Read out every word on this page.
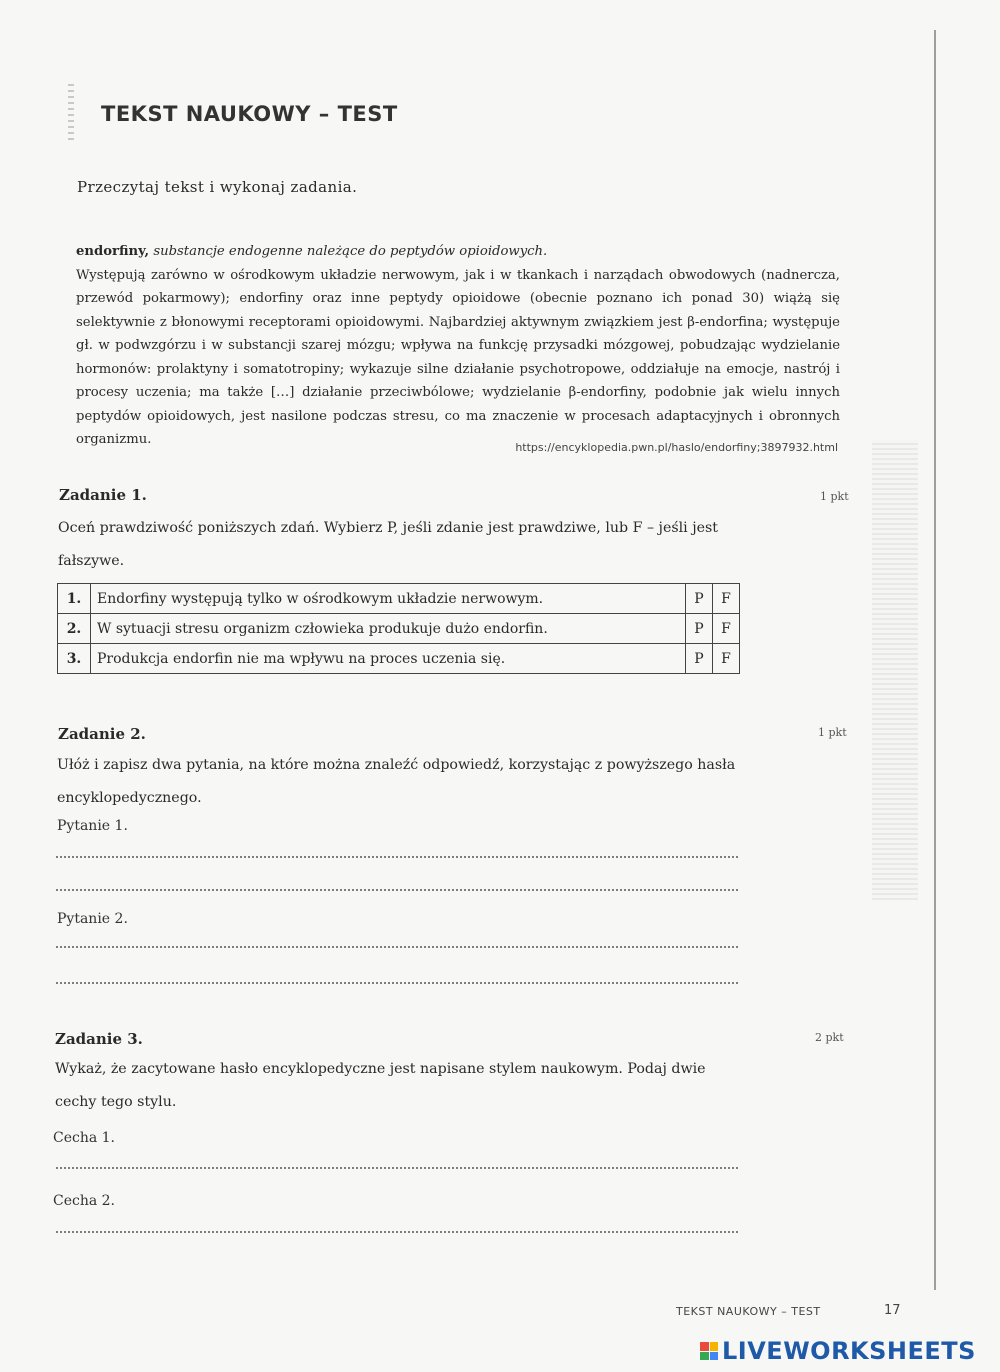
TEKST NAUKOWY – TEST
Przeczytaj tekst i wykonaj zadania.
endorfiny, substancje endogenne należące do peptydów opioidowych.

Występują zarówno w ośrodkowym układzie nerwowym, jak i w tkankach i narządach obwodowych (nadnercza, przewód pokarmowy); endorfiny oraz inne peptydy opioidowe (obecnie poznano ich ponad 30) wiążą się selektywnie z błonowymi receptorami opioidowymi. Najbardziej aktywnym związkiem jest β-endorfina; występuje gł. w podwzgórzu i w substancji szarej mózgu; wpływa na funkcję przysadki mózgowej, pobudzając wydzielanie hormonów: prolaktyny i somatotropiny; wykazuje silne działanie psychotropowe, oddziałuje na emocje, nastrój i procesy uczenia; ma także […] działanie przeciwbólowe; wydzielanie β-endorfiny, podobnie jak wielu innych peptydów opioidowych, jest nasilone podczas stresu, co ma znaczenie w procesach adaptacyjnych i obronnych organizmu.

https://encyklopedia.pwn.pl/haslo/endorfiny;3897932.html
Zadanie 1.	1 pkt
Oceń prawdziwość poniższych zdań. Wybierz P, jeśli zdanie jest prawdziwe, lub F – jeśli jest fałszywe.
1.	Endorfiny występują tylko w ośrodkowym układzie nerwowym.	P	F
2.	W sytuacji stresu organizm człowieka produkuje dużo endorfin.	P	F
3.	Produkcja endorfin nie ma wpływu na proces uczenia się.	P	F
Zadanie 2.	1 pkt
Ułóż i zapisz dwa pytania, na które można znaleźć odpowiedź, korzystając z powyższego hasła encyklopedycznego.
Pytanie 1.
Pytanie 2.
Zadanie 3.	2 pkt
Wykaż, że zacytowane hasło encyklopedyczne jest napisane stylem naukowym. Podaj dwie cechy tego stylu.
Cecha 1.
Cecha 2.
TEKST NAUKOWY – TEST	17
LIVEWORKSHEETS
